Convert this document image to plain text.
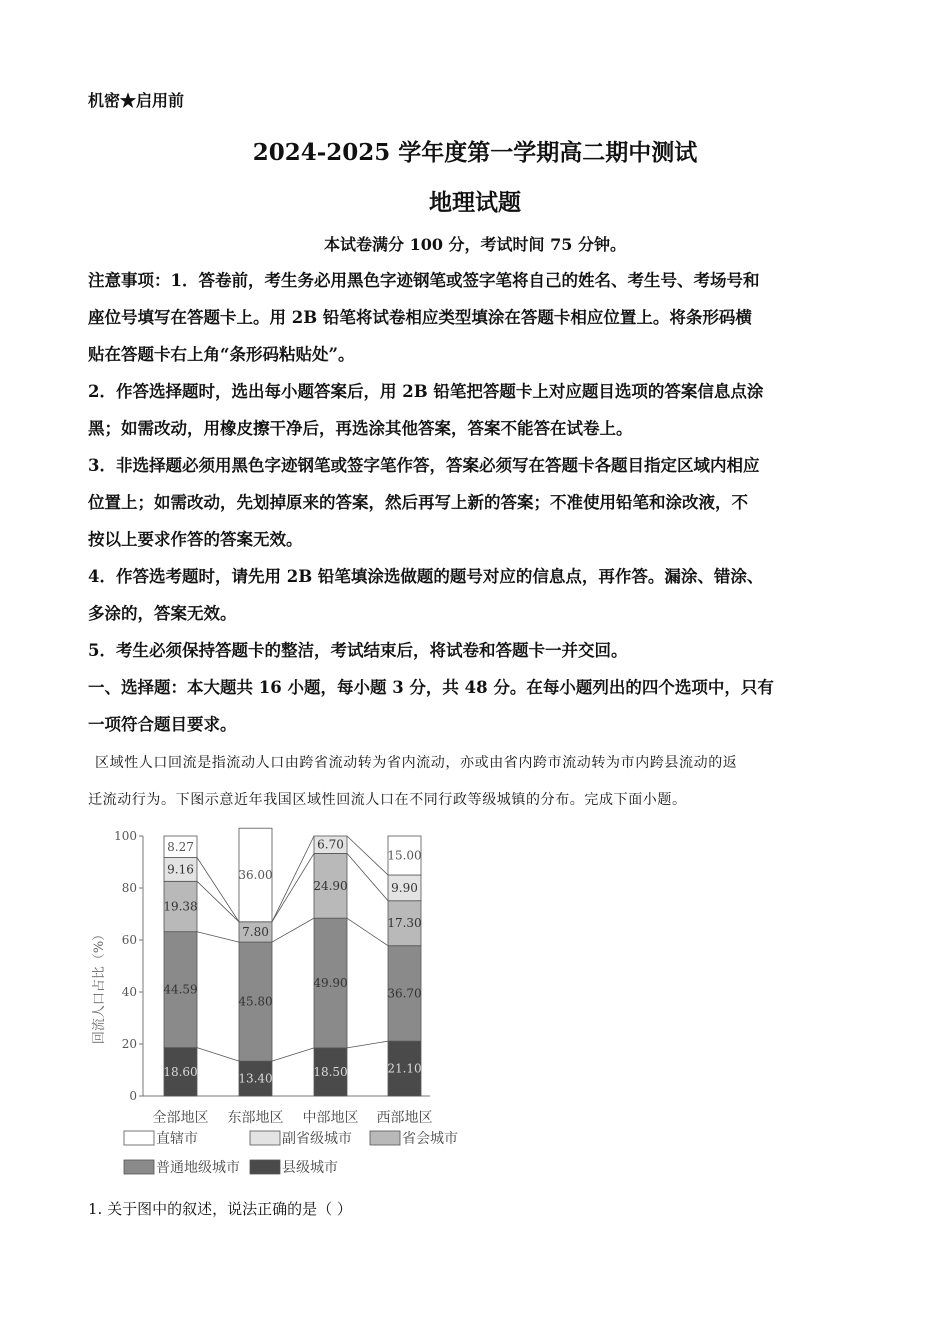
机密★启用前
2024-2025 学年度第一学期高二期中测试
地理试题
本试卷满分 100 分，考试时间 75 分钟。
注意事项：1．答卷前，考生务必用黑色字迹钢笔或签字笔将自己的姓名、考生号、考场号和
座位号填写在答题卡上。用 2B 铅笔将试卷相应类型填涂在答题卡相应位置上。将条形码横
贴在答题卡右上角“条形码粘贴处”。
2．作答选择题时，选出每小题答案后，用 2B 铅笔把答题卡上对应题目选项的答案信息点涂
黑；如需改动，用橡皮擦干净后，再选涂其他答案，答案不能答在试卷上。
3．非选择题必须用黑色字迹钢笔或签字笔作答，答案必须写在答题卡各题目指定区域内相应
位置上；如需改动，先划掉原来的答案，然后再写上新的答案；不准使用铅笔和涂改液，不
按以上要求作答的答案无效。
4．作答选考题时，请先用 2B 铅笔填涂选做题的题号对应的信息点，再作答。漏涂、错涂、
多涂的，答案无效。
5．考生必须保持答题卡的整洁，考试结束后，将试卷和答题卡一并交回。
一、选择题：本大题共 16 小题，每小题 3 分，共 48 分。在每小题列出的四个选项中，只有
一项符合题目要求。
区域性人口回流是指流动人口由跨省流动转为省内流动，亦或由省内跨市流动转为市内跨县流动的返
迁流动行为。下图示意近年我国区域性回流人口在不同行政等级城镇的分布。完成下面小题。
0
20
40
60
80
100
回流人口占比（%）
全部地区 东部地区 中部地区 西部地区
18.60
44.59
19.38
9.16
8.27
13.40
45.80
7.80
36.00
18.50
49.90
24.90
6.70
21.10
36.70
17.30
9.90
15.00
直辖市	副省级城市	省会城市
普通地级城市	县级城市
1. 关于图中的叙述，说法正确的是（ ）
